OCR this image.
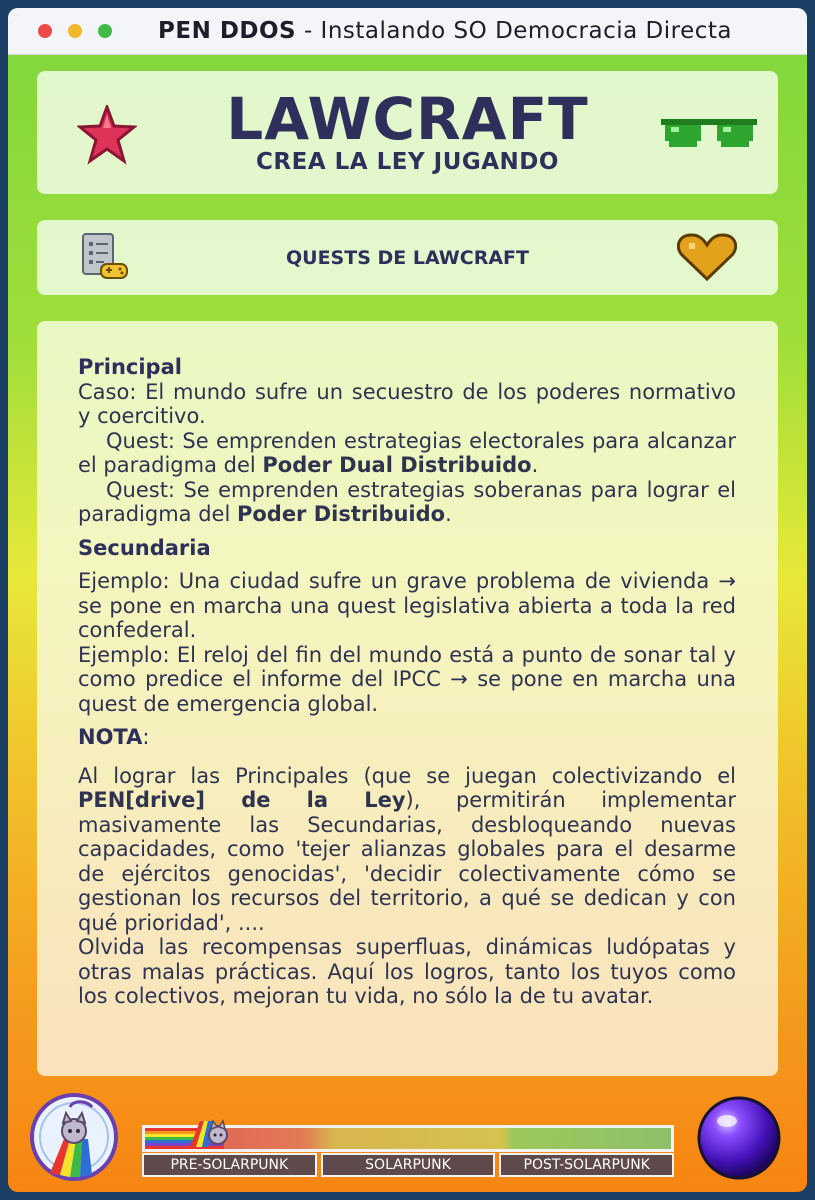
PEN DDOS - Instalando SO Democracia Directa
LAWCRAFT
CREA LA LEY JUGANDO
QUESTS DE LAWCRAFT
Principal

Caso: El mundo sufre un secuestro de los poderes normativo y coercitivo.

Quest: Se emprenden estrategias electorales para alcanzar el paradigma del Poder Dual Distribuido.

Quest: Se emprenden estrategias soberanas para lograr el paradigma del Poder Distribuido.

Secundaria

Ejemplo: Una ciudad sufre un grave problema de vivienda → se pone en marcha una quest legislativa abierta a toda la red confederal.

Ejemplo: El reloj del fin del mundo está a punto de sonar tal y como predice el informe del IPCC → se pone en marcha una quest de emergencia global.

NOTA:

Al lograr las Principales (que se juegan colectivizando el PEN[drive] de la Ley), permitirán implementar masivamente las Secundarias, desbloqueando nuevas capacidades, como 'tejer alianzas globales para el desarme de ejércitos genocidas', 'decidir colectivamente cómo se gestionan los recursos del territorio, a qué se dedican y con qué prioridad', ....

Olvida las recompensas superfluas, dinámicas ludópatas y otras malas prácticas. Aquí los logros, tanto los tuyos como los colectivos, mejoran tu vida, no sólo la de tu avatar.

PRE-SOLARPUNK	SOLARPUNK	POST-SOLARPUNK
